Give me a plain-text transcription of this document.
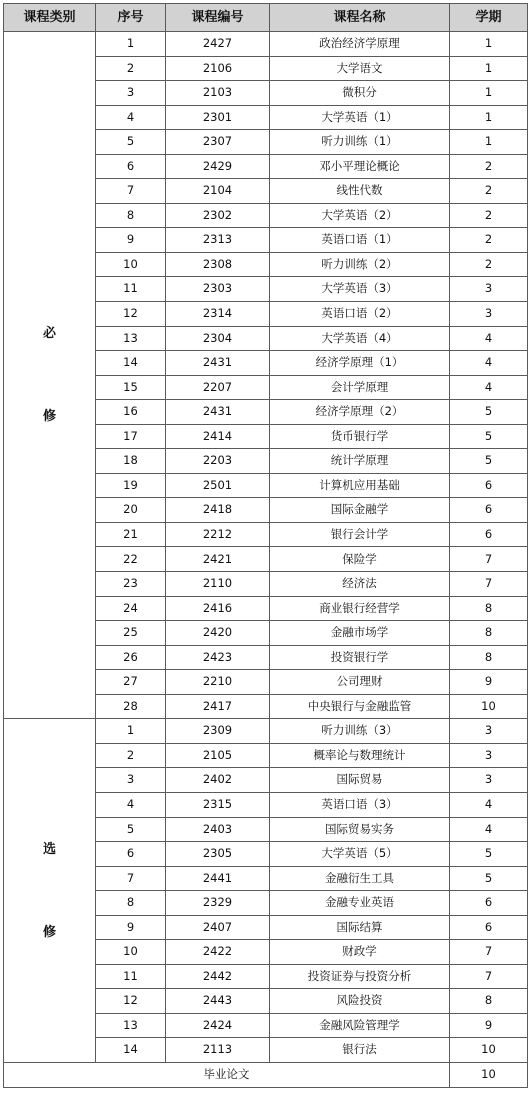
课程类别	序号	课程编号	课程名称	学期

必
修	1	2427	政治经济学原理	1
	2	2106	大学语文	1
	3	2103	微积分	1
	4	2301	大学英语（1）	1
	5	2307	听力训练（1）	1
	6	2429	邓小平理论概论	2
	7	2104	线性代数	2
	8	2302	大学英语（2）	2
	9	2313	英语口语（1）	2
	10	2308	听力训练（2）	2
	11	2303	大学英语（3）	3
	12	2314	英语口语（2）	3
	13	2304	大学英语（4）	4
	14	2431	经济学原理（1）	4
	15	2207	会计学原理	4
	16	2431	经济学原理（2）	5
	17	2414	货币银行学	5
	18	2203	统计学原理	5
	19	2501	计算机应用基础	6
	20	2418	国际金融学	6
	21	2212	银行会计学	6
	22	2421	保险学	7
	23	2110	经济法	7
	24	2416	商业银行经营学	8
	25	2420	金融市场学	8
	26	2423	投资银行学	8
	27	2210	公司理财	9
	28	2417	中央银行与金融监管	10

选
修	1	2309	听力训练（3）	3
	2	2105	概率论与数理统计	3
	3	2402	国际贸易	3
	4	2315	英语口语（3）	4
	5	2403	国际贸易实务	4
	6	2305	大学英语（5）	5
	7	2441	金融衍生工具	5
	8	2329	金融专业英语	6
	9	2407	国际结算	6
	10	2422	财政学	7
	11	2442	投资证券与投资分析	7
	12	2443	风险投资	8
	13	2424	金融风险管理学	9
	14	2113	银行法	10
毕业论文				10
